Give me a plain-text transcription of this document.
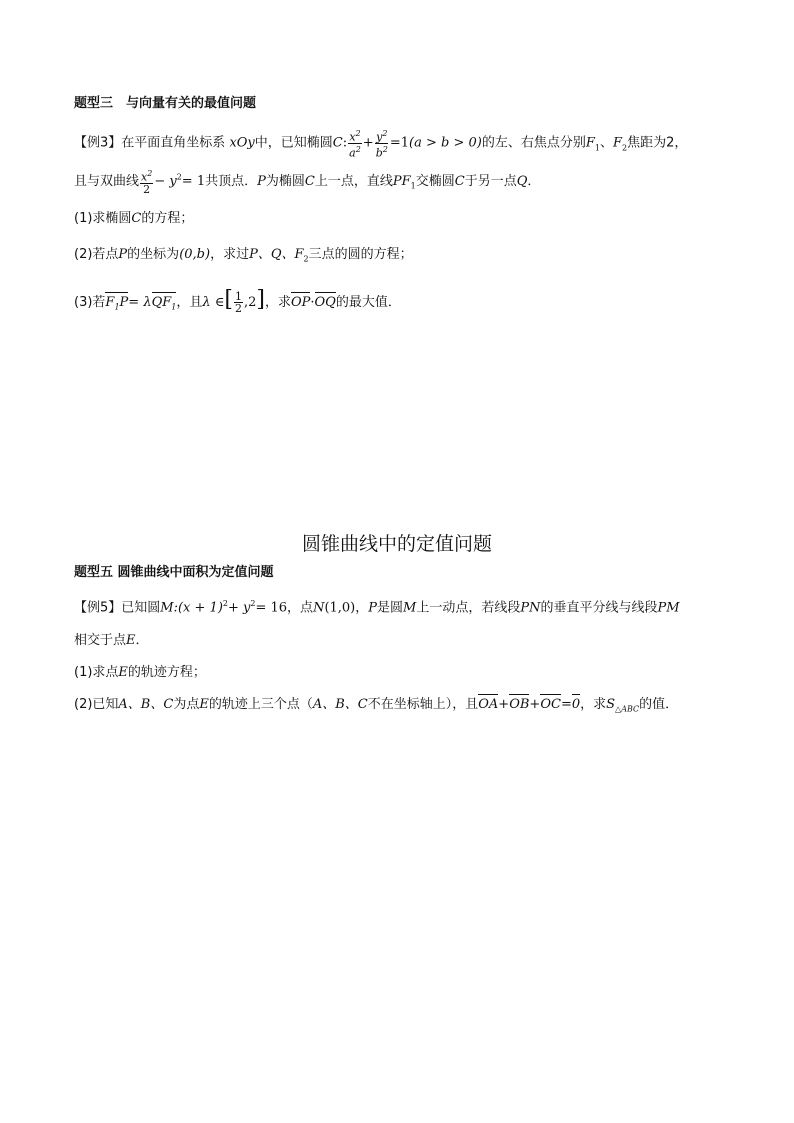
题型三　与向量有关的最值问题
【例3】在平面直角坐标系 xOy中，已知椭圆C: $\frac{x^2}{a^2} + \frac{y^2}{b^2} =1(a > b > 0)$的左、右焦点分别$F_1$、$F_2$焦距为2，
且与双曲线 $\frac{x^2}{2} - y^2= 1$共顶点．P为椭圆C上一点，直线$PF_1$交椭圆C于另一点Q．
(1)求椭圆C的方程；
(2)若点P的坐标为(0,b)，求过P、Q、$F_2$三点的圆的方程；
(3)若$F_1P= \lambda QF_1$，且λ ∈[ $\frac{1}{2} ,2$]，求OP·OQ的最大值．
圆锥曲线中的定值问题
题型五 圆锥曲线中面积为定值问题
【例5】已知圆M:(x + $1)^2+ y^2= 16$，点N(1,0)，P是圆M上一动点，若线段PN的垂直平分线与线段PM
相交于点E．
(1)求点E的轨迹方程；
(2)已知A、B、C为点E的轨迹上三个点（A、B、C不在坐标轴上），且OA+OB+OC=0，求$S_{\triangle ABC}$的值．
